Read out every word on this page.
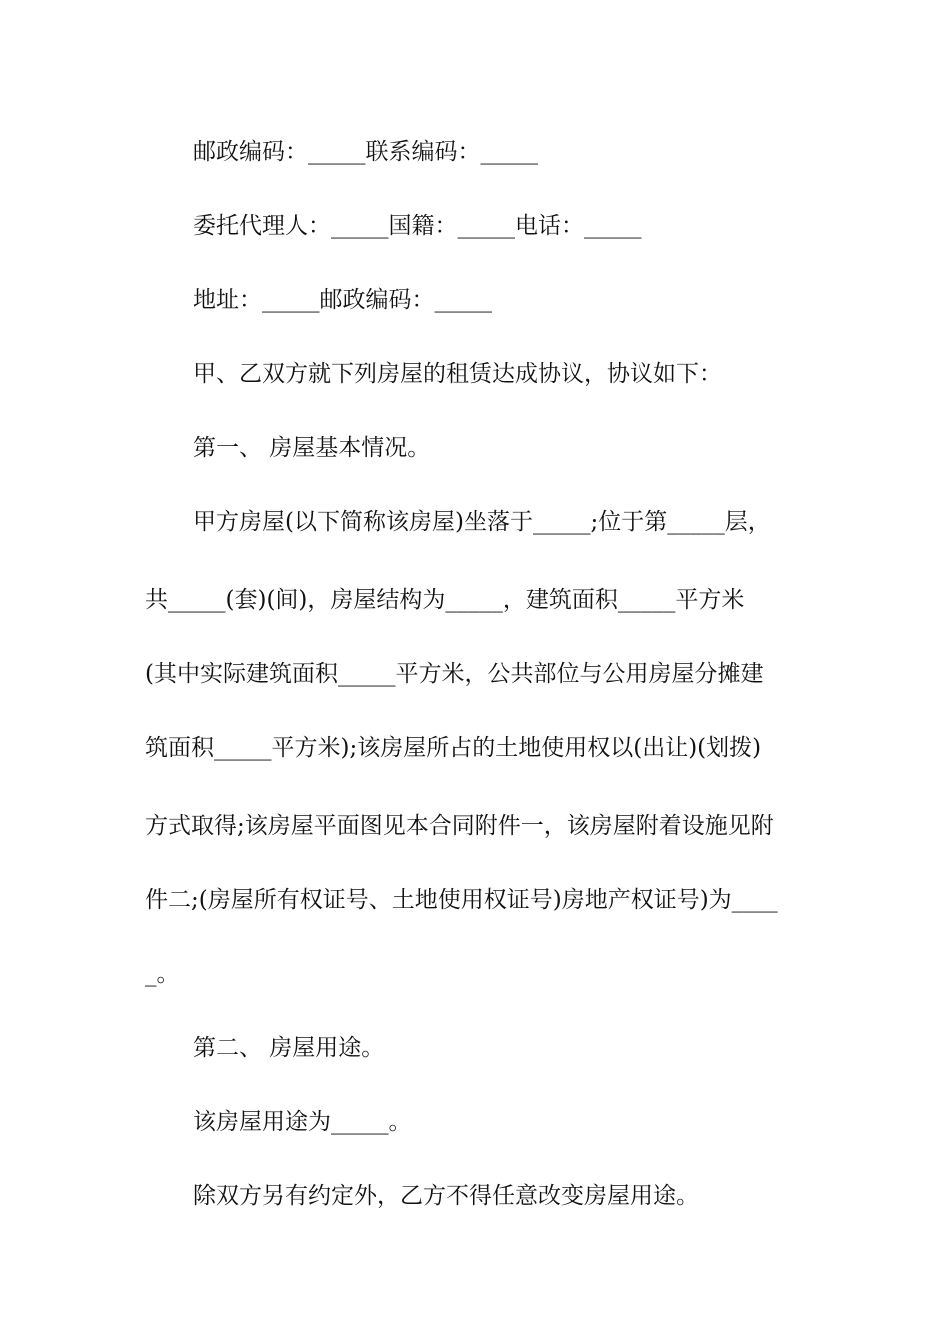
邮政编码：_____联系编码：_____
委托代理人：_____国籍：_____电话：_____
地址：_____邮政编码：_____
甲、乙双方就下列房屋的租赁达成协议，协议如下：
第一、 房屋基本情况。
甲方房屋(以下简称该房屋)坐落于_____;位于第_____层，
共_____(套)(间)，房屋结构为_____，建筑面积_____平方米
(其中实际建筑面积_____平方米，公共部位与公用房屋分摊建
筑面积_____平方米);该房屋所占的土地使用权以(出让)(划拨)
方式取得;该房屋平面图见本合同附件一，该房屋附着设施见附
件二;(房屋所有权证号、土地使用权证号)房地产权证号)为____
_。
第二、 房屋用途。
该房屋用途为_____。
除双方另有约定外，乙方不得任意改变房屋用途。
